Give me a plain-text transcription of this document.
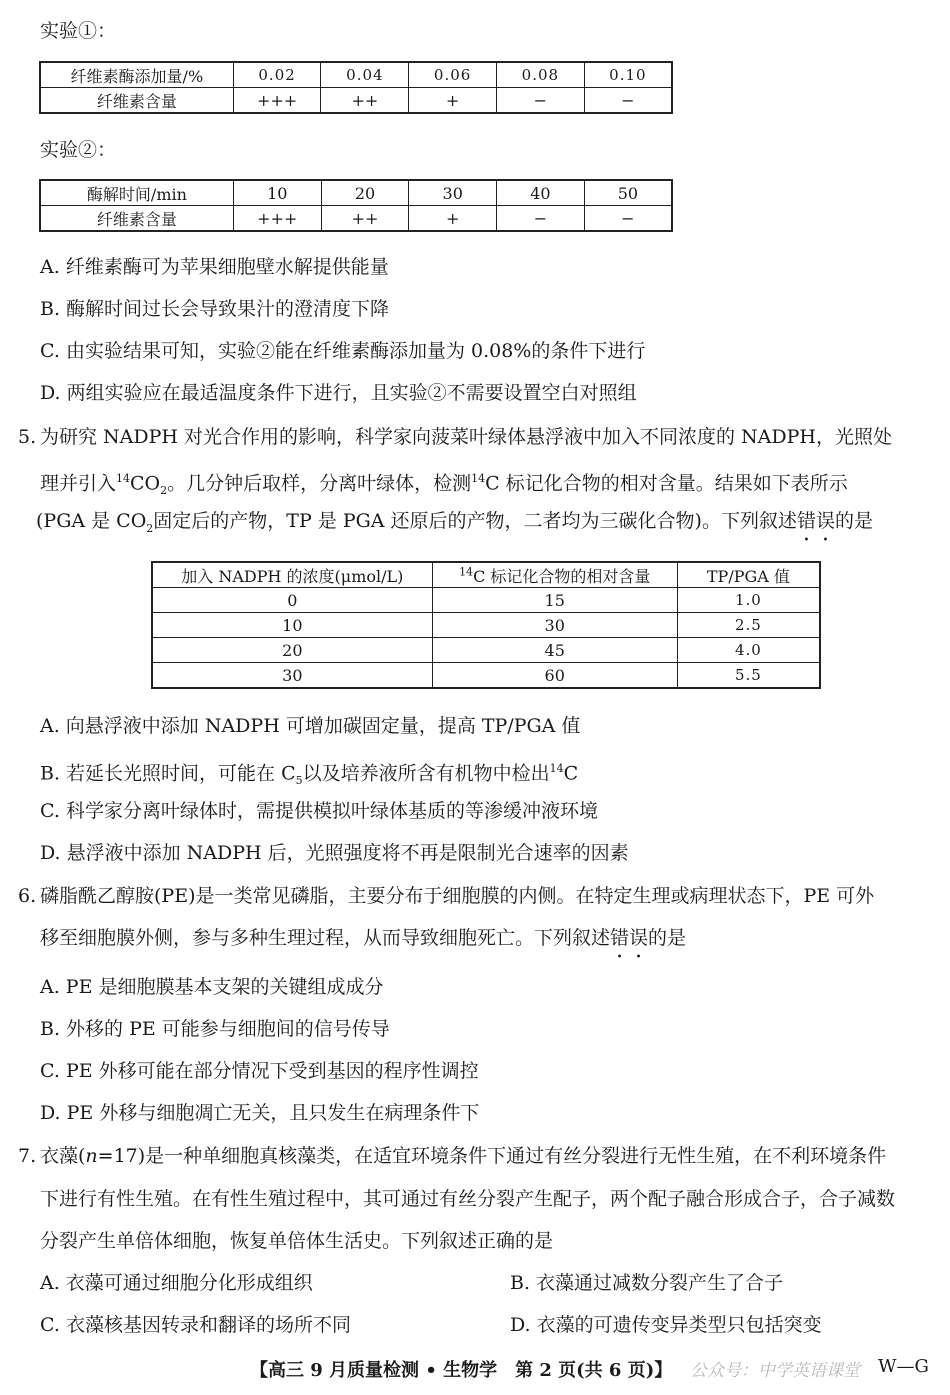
实验①：
纤维素酶添加量/%	0.02	0.04	0.06	0.08	0.10
纤维素含量	+++	++	+	−	−
实验②：
酶解时间/min	10	20	30	40	50
纤维素含量	+++	++	+	−	−
A. 纤维素酶可为苹果细胞壁水解提供能量
B. 酶解时间过长会导致果汁的澄清度下降
C. 由实验结果可知，实验②能在纤维素酶添加量为 0.08%的条件下进行
D. 两组实验应在最适温度条件下进行，且实验②不需要设置空白对照组
5. 为研究 NADPH 对光合作用的影响，科学家向菠菜叶绿体悬浮液中加入不同浓度的 NADPH，光照处
理并引入$^{14}CO_2$。几分钟后取样，分离叶绿体，检测$^{14}$C 标记化合物的相对含量。结果如下表所示
(PGA 是 $CO_2$固定后的产物，TP 是 PGA 还原后的产物，二者均为三碳化合物)。下列叙述错误的是
加入 NADPH 的浓度(μmol/L)	$^{14}$C 标记化合物的相对含量	TP/PGA 值
0	15	1.0
10	30	2.5
20	45	4.0
30	60	5.5
A. 向悬浮液中添加 NADPH 可增加碳固定量，提高 TP/PGA 值
B. 若延长光照时间，可能在 $C_5$以及培养液所含有机物中检出$^{14}$C
C. 科学家分离叶绿体时，需提供模拟叶绿体基质的等渗缓冲液环境
D. 悬浮液中添加 NADPH 后，光照强度将不再是限制光合速率的因素
6. 磷脂酰乙醇胺(PE)是一类常见磷脂，主要分布于细胞膜的内侧。在特定生理或病理状态下，PE 可外
移至细胞膜外侧，参与多种生理过程，从而导致细胞死亡。下列叙述错误的是
A. PE 是细胞膜基本支架的关键组成成分
B. 外移的 PE 可能参与细胞间的信号传导
C. PE 外移可能在部分情况下受到基因的程序性调控
D. PE 外移与细胞凋亡无关，且只发生在病理条件下
7. 衣藻(n=17)是一种单细胞真核藻类，在适宜环境条件下通过有丝分裂进行无性生殖，在不利环境条件
下进行有性生殖。在有性生殖过程中，其可通过有丝分裂产生配子，两个配子融合形成合子，合子减数
分裂产生单倍体细胞，恢复单倍体生活史。下列叙述正确的是
A. 衣藻可通过细胞分化形成组织	B. 衣藻通过减数分裂产生了合子
C. 衣藻核基因转录和翻译的场所不同	D. 衣藻的可遗传变异类型只包括突变
【高三 9 月质量检测 • 生物学　第 2 页(共 6 页)】 公众号：中学英语课堂 W—G
